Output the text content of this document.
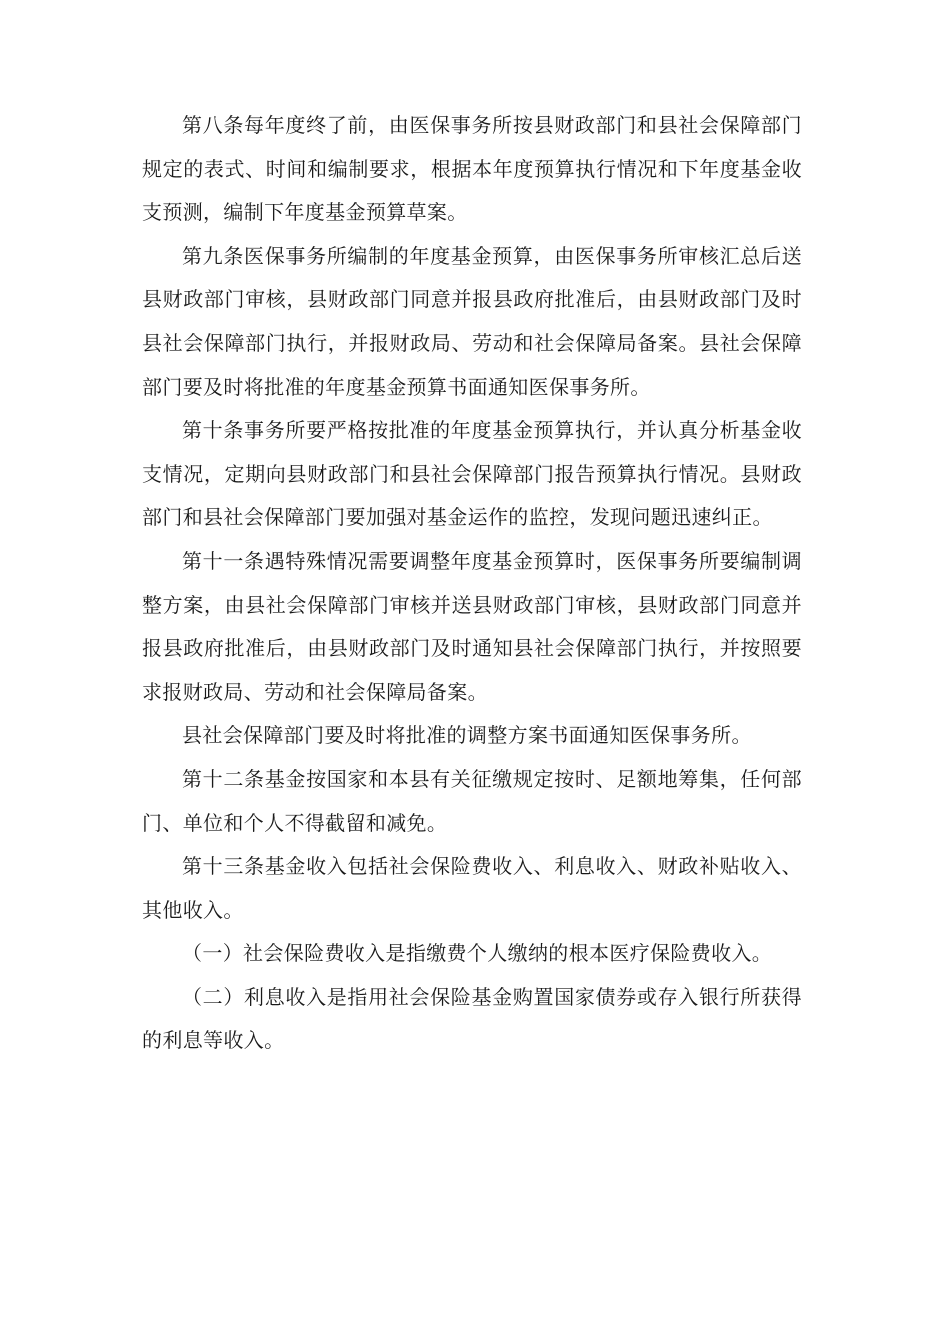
第八条每年度终了前，由医保事务所按县财政部门和县社会保障部门规定的表式、时间和编制要求，根据本年度预算执行情况和下年度基金收支预测，编制下年度基金预算草案。

第九条医保事务所编制的年度基金预算，由医保事务所审核汇总后送县财政部门审核，县财政部门同意并报县政府批准后，由县财政部门及时县社会保障部门执行，并报财政局、劳动和社会保障局备案。县社会保障部门要及时将批准的年度基金预算书面通知医保事务所。

第十条事务所要严格按批准的年度基金预算执行，并认真分析基金收支情况，定期向县财政部门和县社会保障部门报告预算执行情况。县财政部门和县社会保障部门要加强对基金运作的监控，发现问题迅速纠正。

第十一条遇特殊情况需要调整年度基金预算时，医保事务所要编制调整方案，由县社会保障部门审核并送县财政部门审核，县财政部门同意并报县政府批准后，由县财政部门及时通知县社会保障部门执行，并按照要求报财政局、劳动和社会保障局备案。

县社会保障部门要及时将批准的调整方案书面通知医保事务所。

第十二条基金按国家和本县有关征缴规定按时、足额地筹集，任何部门、单位和个人不得截留和减免。

第十三条基金收入包括社会保险费收入、利息收入、财政补贴收入、其他收入。

（一）社会保险费收入是指缴费个人缴纳的根本医疗保险费收入。

（二）利息收入是指用社会保险基金购置国家债券或存入银行所获得的利息等收入。
